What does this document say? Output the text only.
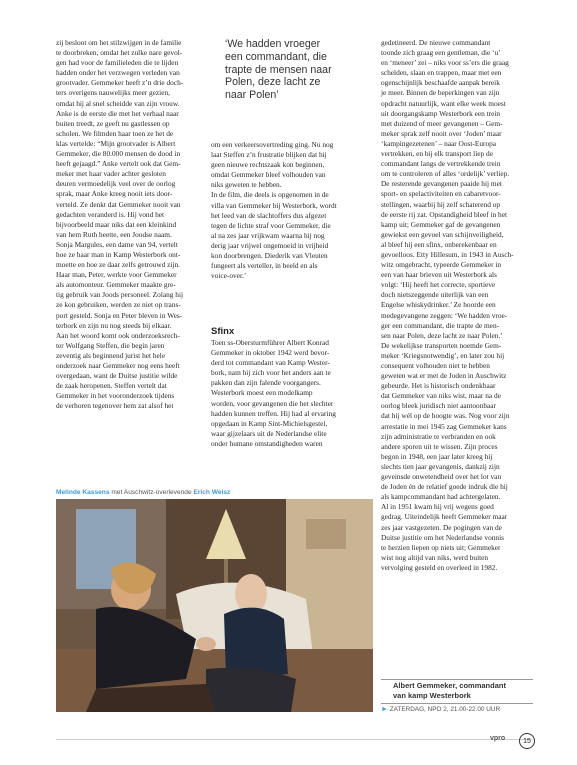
zij besloot om het stilzwijgen in de familie
te doorbreken, omdat het zulke nare gevol-
gen had voor de familieleden die te lijden
hadden onder het verzwegen verleden van
grootvader. Gemmeker heeft z’n drie doch-
ters overigens nauwelijks meer gezien,
omdat hij al snel scheidde van zijn vrouw.
Anke is de eerste die met het verhaal naar
buiten treedt, ze geeft nu gastlessen op
scholen. We filmden haar toen ze het de
klas vertelde: “Mijn grootvader is Albert
Gemmeker, die 80.000 mensen de dood in
heeft gejaagd.” Anke vertelt ook dat Gem-
meker met haar vader achter gesloten
deuren vermoedelijk veel over de oorlog
sprak, maar Anke kreeg nooit iets door-
verteld. Ze denkt dat Gemmeker nooit van
gedachten veranderd is. Hij vond het
bijvoorbeeld maar niks dat een kleinkind
van hem Ruth heette, een Joodse naam.
Sonja Margules, een dame van 94, vertelt
hoe ze haar man in Kamp Westerbork ont-
moette en hoe ze daar zelfs getrouwd zijn.
Haar man, Peter, werkte voor Gemmeker
als automonteur. Gemmeker maakte gre-
tig gebruik van Joods personeel. Zolang hij
ze kon gebruiken, werden ze niet op trans-
port gesteld. Sonja en Peter bleven in Wes-
terbork en zijn nu nog steeds bij elkaar.
Aan het woord komt ook onderzoeksrech-
ter Wolfgang Steffen, die begin jaren
zeventig als beginnend jurist het hele
onderzoek naar Gemmeker nog eens heeft
overgedaan, want de Duitse justitie wilde
de zaak heropenen. Steffen vertelt dat
Gemmeker in het vooronderzoek tijdens
de verhoren tegenover hem zat alsof het

‘We hadden vroeger
een commandant, die
trapte de mensen naar
Polen, deze lacht ze
naar Polen’

om een verkeersovertreding ging. Nu nog
laat Steffen z’n frustratie blijken dat hij
geen nieuwe rechtszaak kon beginnen,
omdat Gemmeker bleef volhouden van
niks geweten te hebben.
In de film, die deels is opgenomen in de
villa van Gemmeker bij Westerbork, wordt
het leed van de slachtoffers dus afgezet
tegen de lichte straf voor Gemmeker, die
al na zes jaar vrijkwam waarna hij nog
derig jaar vrijwel ongemoeid in vrijheid
kon doorbrengen. Diederik van Vleuten
fungeert als verteller, in beeld en als
voice-over.’

Sfinx

Toen ss-Obersturmführer Albert Konrad
Gemmeker in oktober 1942 werd bevor-
derd tot commandant van Kamp Wester-
bork, nam hij zich voor het anders aan te
pakken dan zijn falende voorgangers.
Westerbork moest een modelkamp
worden, voor gevangenen die het slechter
hadden kunnen treffen. Hij had al ervaring
opgedaan in Kamp Sint-Michielsgestel,
waar gijzelaars uit de Nederlandse elite
onder humane omstandigheden waren

gedetineerd. De nieuwe commandant
toonde zich graag een gentleman, die ‘u’
en ‘meneer’ zei – niks voor ss’ers die graag
schelden, slaan en trappen, maar met een
ogenschijnlijk beschaafde aanpak bereik
je meer. Binnen de beperkingen van zijn
opdracht natuurlijk, want elke week moest
uit doorgangskamp Westerbork een trein
met duizend of meer gevangenen – Gem-
meker sprak zelf nooit over ‘Joden’ maar
‘kampingezetenen’ – naar Oost-Europa
vertrekken, en bij elk transport liep de
commandant langs de vertrekkende trein
om te controleren of alles ‘ordelijk’ verliep.
De resterende gevangenen paaide hij met
sport- en spelactiviteiten en cabaretvoor-
stellingen, waarbij hij zelf schaterend op
de eerste rij zat. Opstandigheid bleef in het
kamp uit; Gemmeker gaf de gevangenen
gewiekst een gevoel van schijnveiligheid,
al bleef hij een sfinx, onberekenbaar en
gevoelloos. Etty Hillesum, in 1943 in Ausch-
witz omgebracht, typeerde Gemmeker in
een van haar brieven uit Westerbork als
volgt: ‘Hij heeft het correcte, sportieve
doch nietszeggende uiterlijk van een
Engelse whiskydrinker.’ Ze hoorde een
medegevangene zeggen: ‘We hadden vroe-
ger een commandant, die trapte de men-
sen naar Polen, deze lacht ze naar Polen.’
De wekelijkse transporten noemde Gem-
meker ‘Kriegsnotwendig’, en later zou hij
consequent volhouden niet te hebben
geweten wat er met de Joden in Auschwitz
gebeurde. Het is historisch ondenkbaar
dat Gemmeker van niks wist, maar na de
oorlog bleek juridisch niet aantoonbaar
dat hij wél op de hoogte was. Nog voor zijn
arrestatie in mei 1945 zag Gemmeker kans
zijn administratie te verbranden en ook
andere sporen uit te wissen. Zijn proces
begon in 1948, een jaar later kreeg hij
slechts tien jaar gevangenis, dankzij zijn
geveinsde onwetendheid over het lot van
de Joden én de relatief goede indruk die hij
als kampcommandant had achtergelaten.
Al in 1951 kwam hij vrij wegens goed
gedrag. Uiteindelijk heeft Gemmeker maar
zes jaar vastgezeten. De pogingen van de
Duitse justitie om het Nederlandse vonnis
te herzien liepen op niets uit; Gemmeker
wist nog altijd van niks, werd buiten
vervolging gesteld en overleed in 1982.

Melinde Kassens met Auschwitz-overlevende Erich Weisz

Albert Gemmeker, commandant
van kamp Westerbork

► ZATERDAG, NPO 2, 21.00-22.00 UUR
vpro	15
